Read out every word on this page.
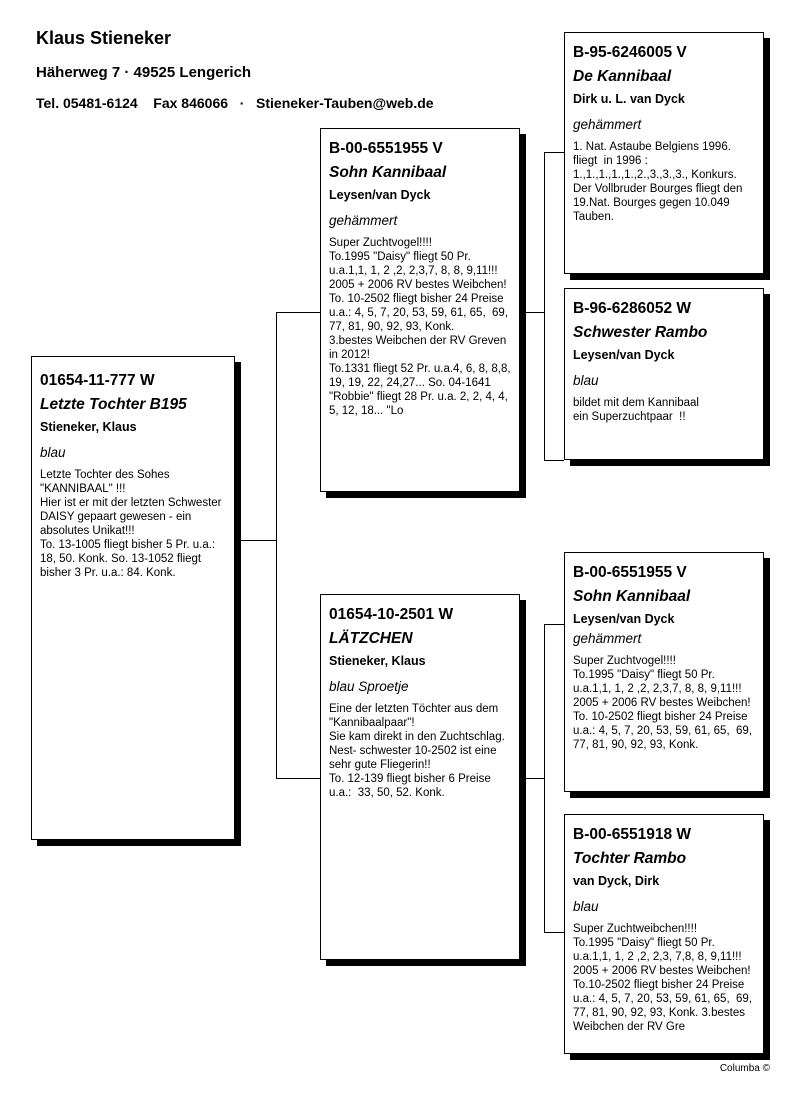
Klaus Stieneker
Häherweg 7 · 49525 Lengerich
Tel. 05481-6124 Fax 846066 · Stieneker-Tauben@web.de
01654-11-777 W
Letzte Tochter B195
Stieneker, Klaus
blau
Letzte Tochter des Sohes "KANNIBAAL" !!!
Hier ist er mit der letzten Schwester DAISY gepaart gewesen - ein absolutes Unikat!!!
To. 13-1005 fliegt bisher 5 Pr. u.a.: 18, 50. Konk. So. 13-1052 fliegt bisher 3 Pr. u.a.: 84. Konk.
B-00-6551955 V
Sohn Kannibaal
Leysen/van Dyck
gehämmert
Super Zuchtvogel!!!!
To.1995 "Daisy" fliegt 50 Pr. u.a.1,1, 1, 2 ,2, 2,3,7, 8, 8, 9,11!!! 2005 + 2006 RV bestes Weibchen!
To. 10-2502 fliegt bisher 24 Preise u.a.: 4, 5, 7, 20, 53, 59, 61, 65,  69, 77, 81, 90, 92, 93, Konk.
3.bestes Weibchen der RV Greven in 2012!
To.1331 fliegt 52 Pr. u.a.4, 6, 8, 8,8, 19, 19, 22, 24,27... So. 04-1641 "Robbie" fliegt 28 Pr. u.a. 2, 2, 4, 4, 5, 12, 18... "Lo
01654-10-2501 W
LÄTZCHEN
Stieneker, Klaus
blau Sproetje
Eine der letzten Töchter aus dem "Kannibaalpaar"!
Sie kam direkt in den Zuchtschlag. Nest- schwester 10-2502 ist eine sehr gute Fliegerin!!
To. 12-139 fliegt bisher 6 Preise u.a.:  33, 50, 52. Konk.
B-95-6246005 V
De Kannibaal
Dirk u. L. van Dyck
gehämmert
1. Nat. Astaube Belgiens 1996.
fliegt  in 1996 : 1.,1.,1.,1.,1.,2.,3.,3.,3., Konkurs.                Der Vollbruder Bourges fliegt den 19.Nat. Bourges gegen 10.049 Tauben.
B-96-6286052 W
Schwester Rambo
Leysen/van Dyck
blau
bildet mit dem Kannibaal
ein Superzuchtpaar  !!
B-00-6551955 V
Sohn Kannibaal
Leysen/van Dyck
gehämmert
Super Zuchtvogel!!!!
To.1995 "Daisy" fliegt 50 Pr. u.a.1,1, 1, 2 ,2, 2,3,7, 8, 8, 9,11!!! 2005 + 2006 RV bestes Weibchen!
To. 10-2502 fliegt bisher 24 Preise u.a.: 4, 5, 7, 20, 53, 59, 61, 65,  69, 77, 81, 90, 92, 93, Konk.
B-00-6551918 W
Tochter Rambo
van Dyck, Dirk
blau
Super Zuchtweibchen!!!!
To.1995 "Daisy" fliegt 50 Pr. u.a.1,1, 1, 2 ,2, 2,3, 7,8, 8, 9,11!!! 2005 + 2006 RV bestes Weibchen! To.10-2502 fliegt bisher 24 Preise u.a.: 4, 5, 7, 20, 53, 59, 61, 65,  69, 77, 81, 90, 92, 93, Konk. 3.bestes Weibchen der RV Gre
Columba ©
